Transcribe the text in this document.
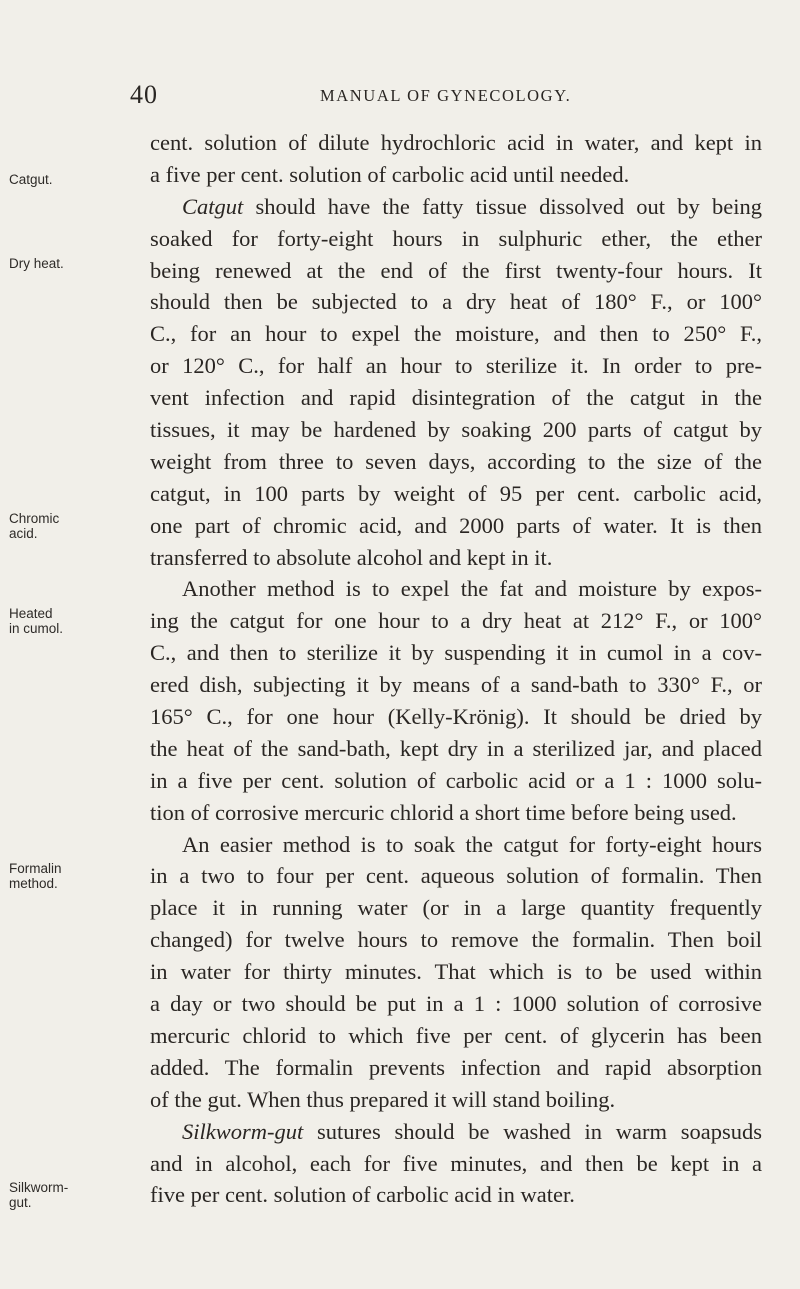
40	MANUAL OF GYNECOLOGY.
Catgut.
Dry heat.
Chromic
acid.
Heated
in cumol.
Formalin
method.
Silkworm-
gut.
cent. solution of dilute hydrochloric acid in water, and kept in
a five per cent. solution of carbolic acid until needed.
Catgut should have the fatty tissue dissolved out by being
soaked for forty-eight hours in sulphuric ether, the ether
being renewed at the end of the first twenty-four hours. It
should then be subjected to a dry heat of 180° F., or 100°
C., for an hour to expel the moisture, and then to 250° F.,
or 120° C., for half an hour to sterilize it. In order to pre-
vent infection and rapid disintegration of the catgut in the
tissues, it may be hardened by soaking 200 parts of catgut by
weight from three to seven days, according to the size of the
catgut, in 100 parts by weight of 95 per cent. carbolic acid,
one part of chromic acid, and 2000 parts of water. It is then
transferred to absolute alcohol and kept in it.
Another method is to expel the fat and moisture by expos-
ing the catgut for one hour to a dry heat at 212° F., or 100°
C., and then to sterilize it by suspending it in cumol in a cov-
ered dish, subjecting it by means of a sand-bath to 330° F., or
165° C., for one hour (Kelly-Krönig). It should be dried by
the heat of the sand-bath, kept dry in a sterilized jar, and placed
in a five per cent. solution of carbolic acid or a 1 : 1000 solu-
tion of corrosive mercuric chlorid a short time before being used.
An easier method is to soak the catgut for forty-eight hours
in a two to four per cent. aqueous solution of formalin. Then
place it in running water (or in a large quantity frequently
changed) for twelve hours to remove the formalin. Then boil
in water for thirty minutes. That which is to be used within
a day or two should be put in a 1 : 1000 solution of corrosive
mercuric chlorid to which five per cent. of glycerin has been
added. The formalin prevents infection and rapid absorption
of the gut. When thus prepared it will stand boiling.
Silkworm-gut sutures should be washed in warm soapsuds
and in alcohol, each for five minutes, and then be kept in a
five per cent. solution of carbolic acid in water.
